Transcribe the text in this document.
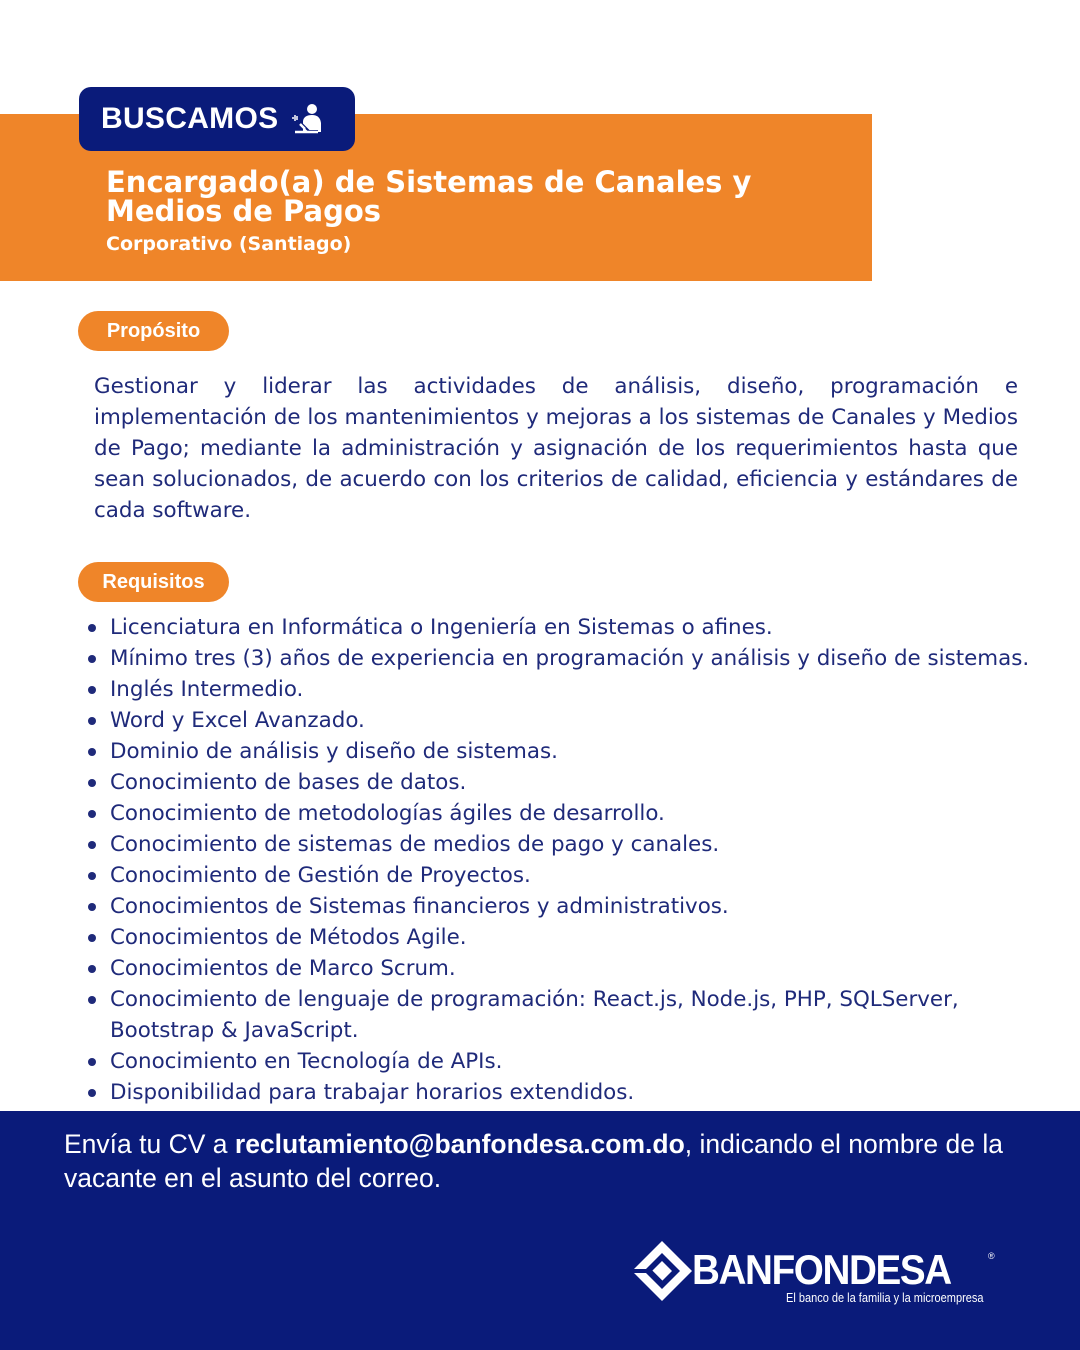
BUSCAMOS
Encargado(a) de Sistemas de Canales y Medios de Pagos
Corporativo (Santiago)
Propósito

Gestionar y liderar las actividades de análisis, diseño, programación e implementación de los mantenimientos y mejoras a los sistemas de Canales y Medios de Pago; mediante la administración y asignación de los requerimientos hasta que sean solucionados, de acuerdo con los criterios de calidad, eficiencia y estándares de cada software.

Requisitos
Licenciatura en Informática o Ingeniería en Sistemas o afines.
Mínimo tres (3) años de experiencia en programación y análisis y diseño de sistemas.
Inglés Intermedio.
Word y Excel Avanzado.
Dominio de análisis y diseño de sistemas.
Conocimiento de bases de datos.
Conocimiento de metodologías ágiles de desarrollo.
Conocimiento de sistemas de medios de pago y canales.
Conocimiento de Gestión de Proyectos.
Conocimientos de Sistemas financieros y administrativos.
Conocimientos de Métodos Agile.
Conocimientos de Marco Scrum.
Conocimiento de lenguaje de programación: React.js, Node.js, PHP, SQLServer, Bootstrap & JavaScript.
Conocimiento en Tecnología de APIs.
Disponibilidad para trabajar horarios extendidos.

Envía tu CV a reclutamiento@banfondesa.com.do, indicando el nombre de la vacante en el asunto del correo.

BANFONDESA	®
El banco de la familia y la microempresa
